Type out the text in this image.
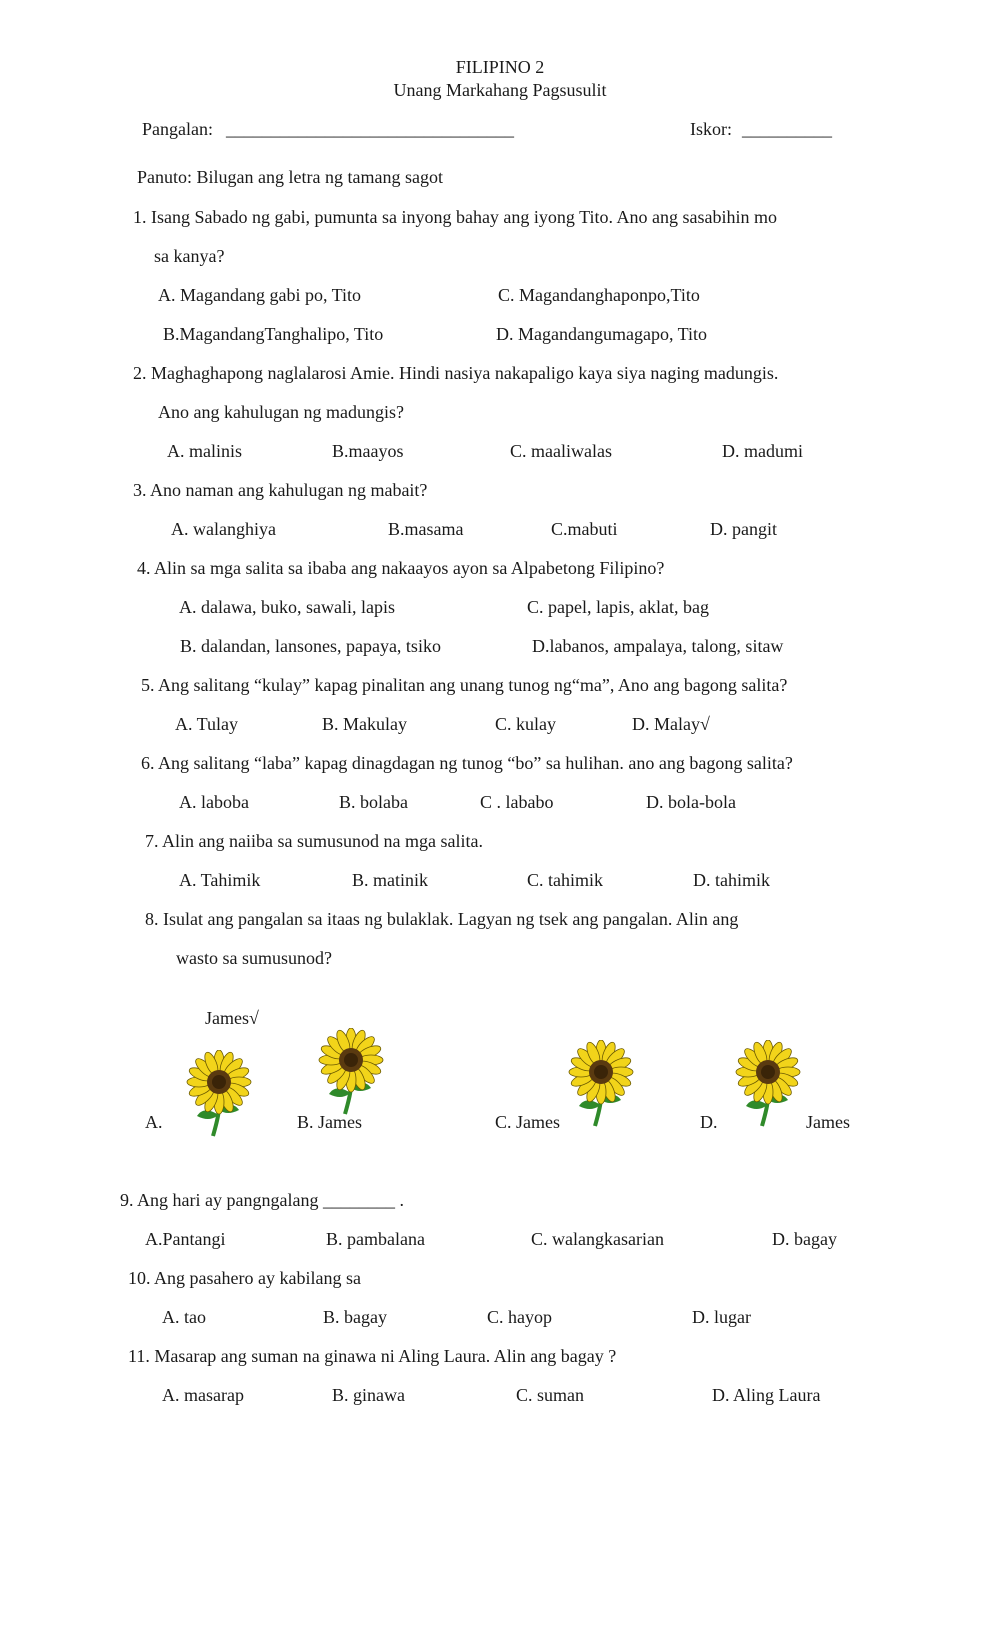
FILIPINO 2
Unang Markahang Pagsusulit
Pangalan: ________________________________	Iskor: __________
Panuto: Bilugan ang letra ng tamang sagot
1. Isang Sabado ng gabi, pumunta sa inyong bahay ang iyong Tito. Ano ang sasabihin mo
sa kanya?
A. Magandang gabi po, Tito	C. Magandanghaponpo,Tito
B.MagandangTanghalipo, Tito	D. Magandangumagapo, Tito
2. Maghaghapong naglalarosi Amie. Hindi nasiya nakapaligo kaya siya naging madungis.
Ano ang kahulugan ng madungis?
A. malinis	B.maayos	C. maaliwalas	D. madumi
3. Ano naman ang kahulugan ng mabait?
A. walanghiya	B.masama	C.mabuti	D. pangit
4. Alin sa mga salita sa ibaba ang nakaayos ayon sa Alpabetong Filipino?
A. dalawa, buko, sawali, lapis	C. papel, lapis, aklat, bag
B. dalandan, lansones, papaya, tsiko	D.labanos, ampalaya, talong, sitaw
5. Ang salitang “kulay” kapag pinalitan ang unang tunog ng“ma”, Ano ang bagong salita?
A. Tulay	B. Makulay	C. kulay	D. Malay√
6. Ang salitang “laba” kapag dinagdagan ng tunog “bo” sa hulihan. ano ang bagong salita?
A. laboba	B. bolaba	C . lababo	D. bola-bola
7. Alin ang naiiba sa sumusunod na mga salita.
A. Tahimik	B. matinik	C. tahimik	D. tahimik
8. Isulat ang pangalan sa itaas ng bulaklak. Lagyan ng tsek ang pangalan. Alin ang
wasto sa sumusunod?
James√
A.	B. James	C. James	D.	James
9. Ang hari ay pangngalang ________ .
A.Pantangi	B. pambalana	C. walangkasarian	D. bagay
10. Ang pasahero ay kabilang sa
A. tao	B. bagay	C. hayop	D. lugar
11. Masarap ang suman na ginawa ni Aling Laura. Alin ang bagay ?
A. masarap	B. ginawa	C. suman	D. Aling Laura
